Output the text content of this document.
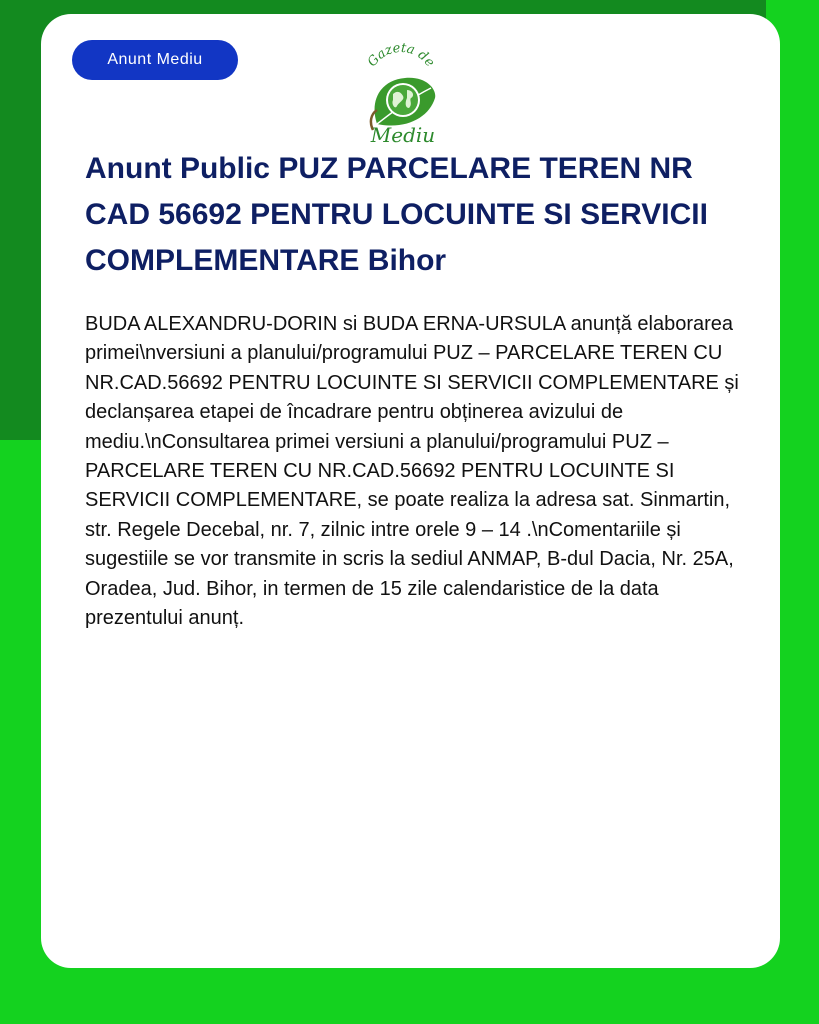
Anunt Mediu	Gazeta de
Mediu
Anunt Public PUZ PARCELARE TEREN NR CAD 56692 PENTRU LOCUINTE SI SERVICII COMPLEMENTARE Bihor

BUDA ALEXANDRU-DORIN si BUDA ERNA-URSULA anunță elaborarea primei\nversiuni a planului/programului PUZ – PARCELARE TEREN CU NR.CAD.56692 PENTRU LOCUINTE SI SERVICII COMPLEMENTARE și declanșarea etapei de încadrare pentru obținerea avizului de mediu.\nConsultarea primei versiuni a planului/programului PUZ – PARCELARE TEREN CU NR.CAD.56692 PENTRU LOCUINTE SI SERVICII COMPLEMENTARE, se poate realiza la adresa sat. Sinmartin, str. Regele Decebal, nr. 7, zilnic intre orele 9 – 14 .\nComentariile și sugestiile se vor transmite in scris la sediul ANMAP, B-dul Dacia, Nr. 25A, Oradea, Jud. Bihor, in termen de 15 zile calendaristice de la data prezentului anunț.
